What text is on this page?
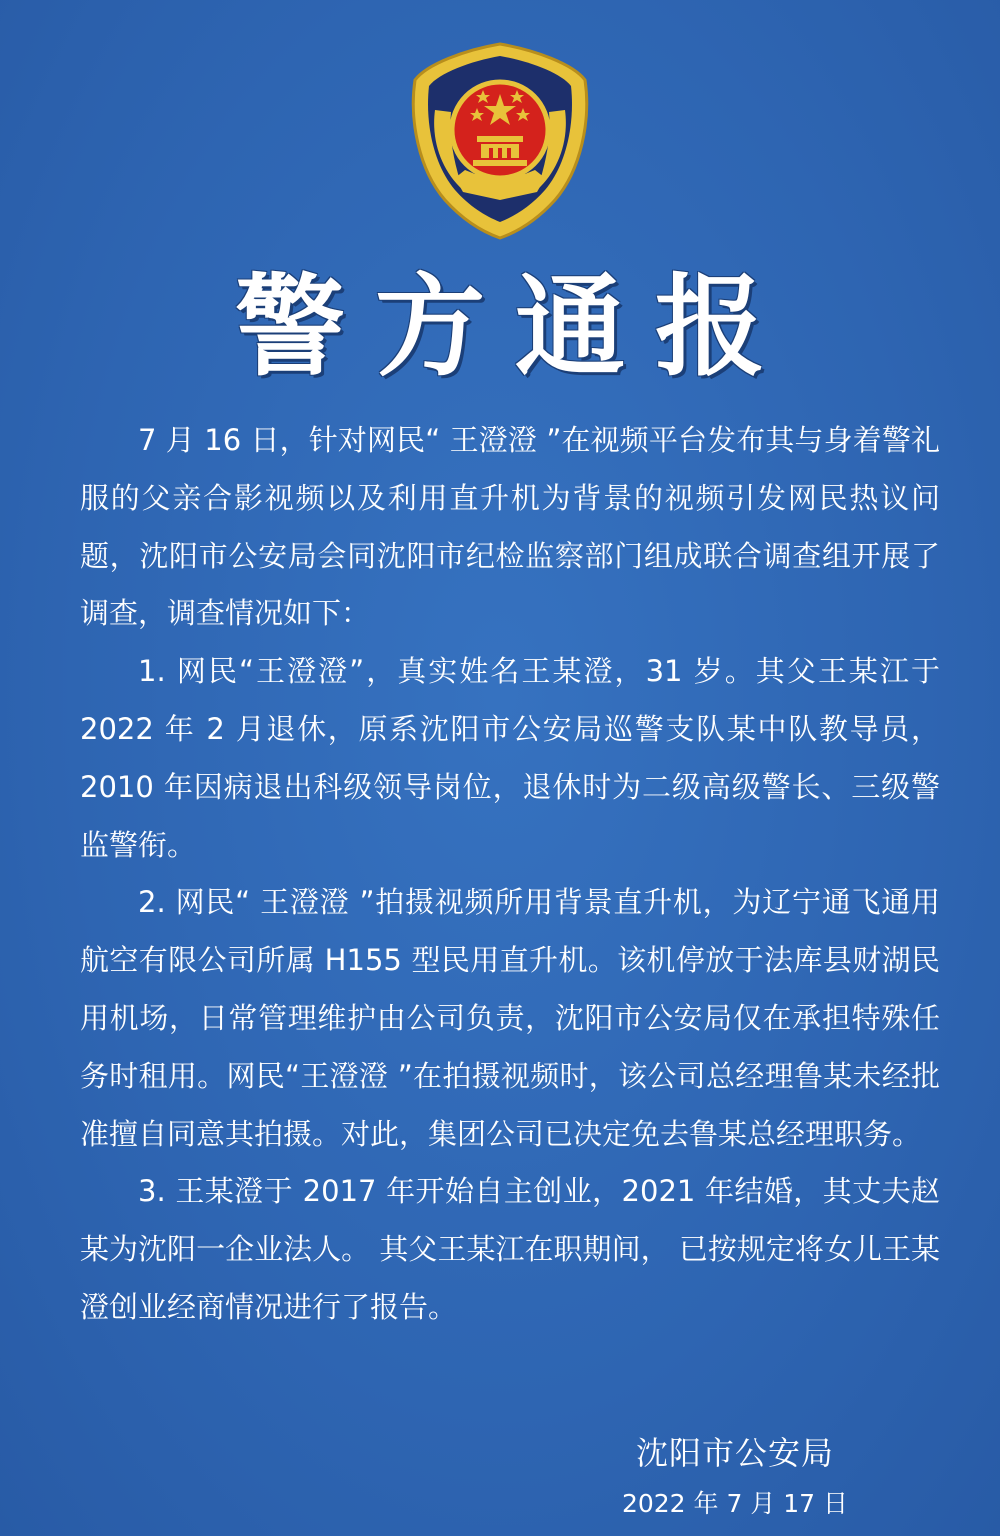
警方通报

7 月 16 日，针对网民“ 王澄澄 ”在视频平台发布其与身着警礼服的父亲合影视频以及利用直升机为背景的视频引发网民热议问题，沈阳市公安局会同沈阳市纪检监察部门组成联合调查组开展了调查，调查情况如下：

1. 网民“王澄澄”，真实姓名王某澄，31 岁。其父王某江于 2022 年 2 月退休，原系沈阳市公安局巡警支队某中队教导员，2010 年因病退出科级领导岗位，退休时为二级高级警长、三级警监警衔。

2. 网民“ 王澄澄 ”拍摄视频所用背景直升机，为辽宁通飞通用航空有限公司所属 H155 型民用直升机。该机停放于法库县财湖民用机场，日常管理维护由公司负责，沈阳市公安局仅在承担特殊任务时租用。网民“王澄澄 ”在拍摄视频时，该公司总经理鲁某未经批准擅自同意其拍摄。对此，集团公司已决定免去鲁某总经理职务。

3. 王某澄于 2017 年开始自主创业，2021 年结婚，其丈夫赵某为沈阳一企业法人。 其父王某江在职期间， 已按规定将女儿王某澄创业经商情况进行了报告。

沈阳市公安局
2022 年 7 月 17 日
